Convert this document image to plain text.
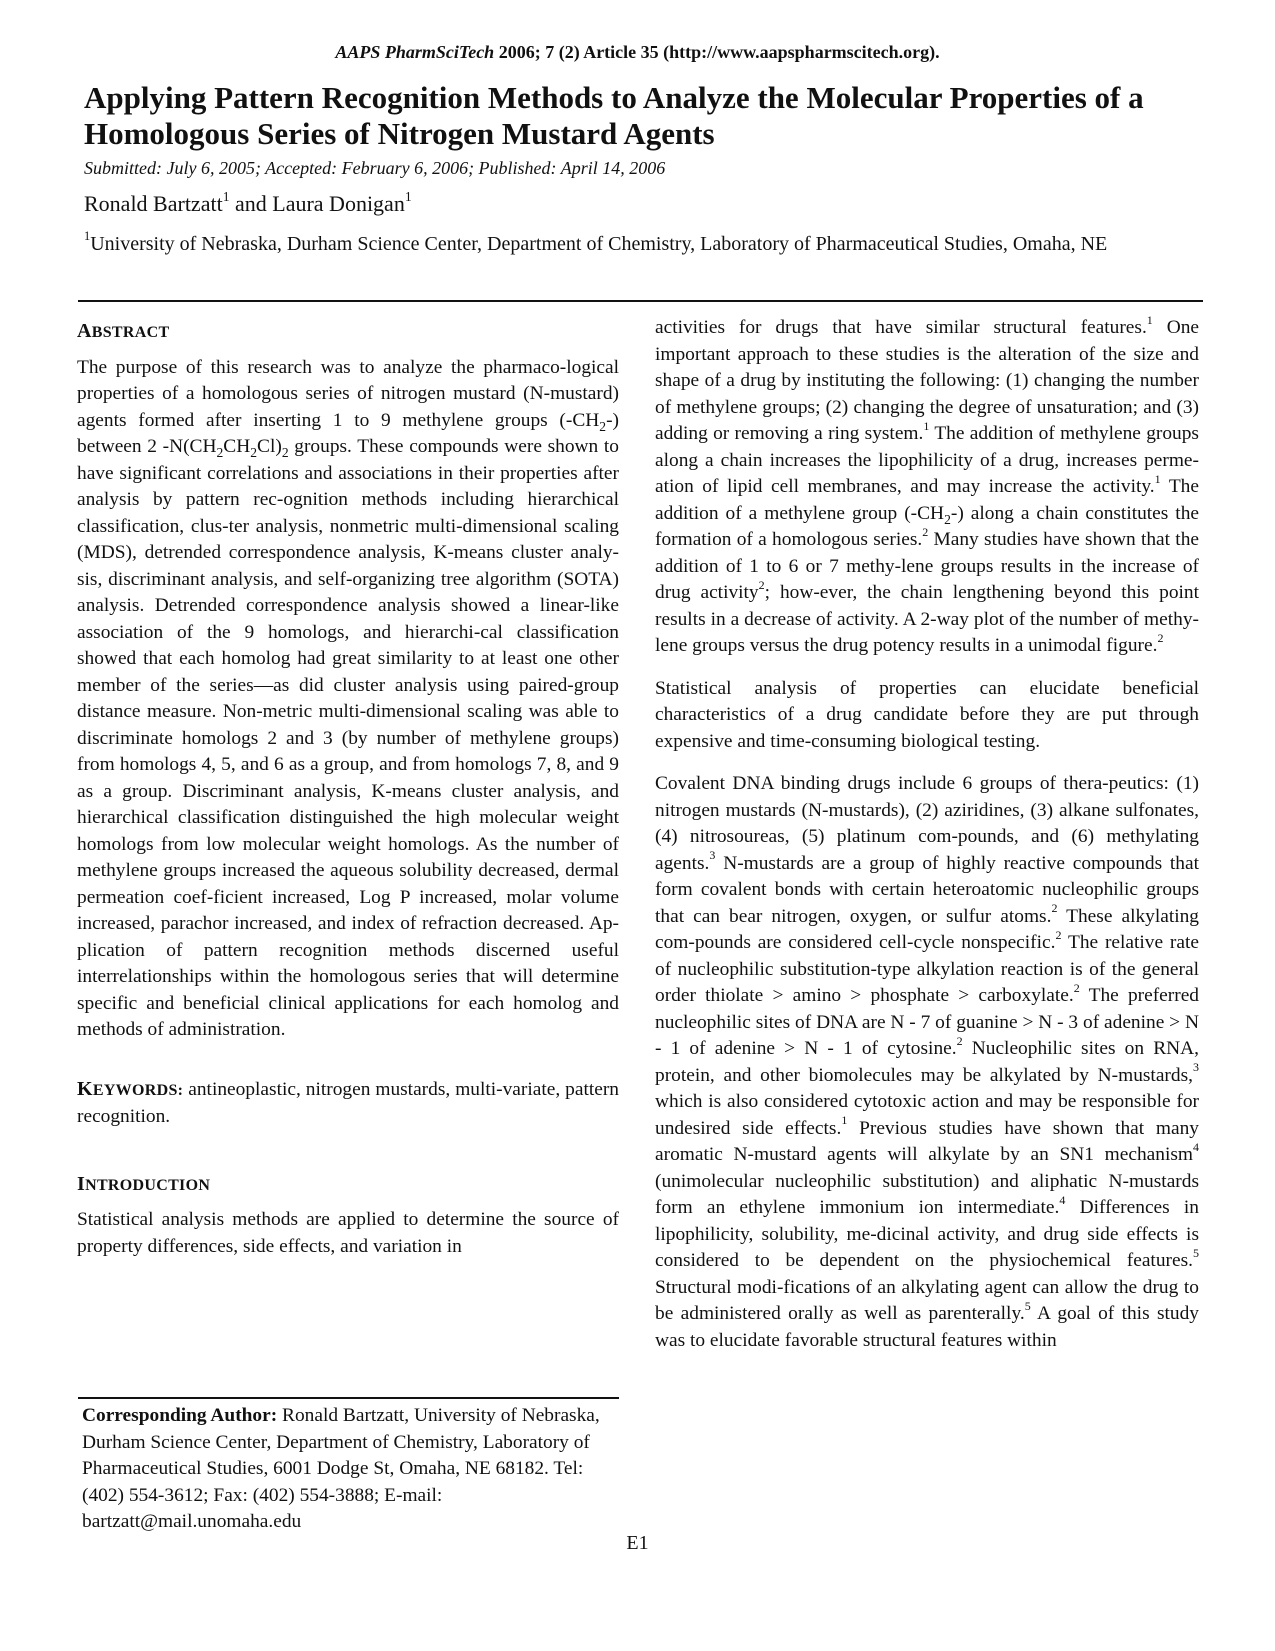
AAPS PharmSciTech 2006; 7 (2) Article 35 (http://www.aapspharmscitech.org).
Applying Pattern Recognition Methods to Analyze the Molecular Properties of a Homologous Series of Nitrogen Mustard Agents
Submitted: July 6, 2005; Accepted: February 6, 2006; Published: April 14, 2006
Ronald Bartzatt$^1$ and Laura Donigan$^1$
$^1$University of Nebraska, Durham Science Center, Department of Chemistry, Laboratory of Pharmaceutical Studies, Omaha, NE
ABSTRACT

The purpose of this research was to analyze the pharmaco-logical properties of a homologous series of nitrogen mustard (N-mustard) agents formed after inserting 1 to 9 methylene groups $(-CH_2-)$ between 2 $-N(CH_2CH_2Cl)_2$ groups. These compounds were shown to have significant correlations and associations in their properties after analysis by pattern rec-ognition methods including hierarchical classification, clus-ter analysis, nonmetric multi-dimensional scaling (MDS), detrended correspondence analysis, K-means cluster analy-sis, discriminant analysis, and self-organizing tree algorithm (SOTA) analysis. Detrended correspondence analysis showed a linear-like association of the 9 homologs, and hierarchi-cal classification showed that each homolog had great similarity to at least one other member of the series—as did cluster analysis using paired-group distance measure. Non-metric multi-dimensional scaling was able to discriminate homologs 2 and 3 (by number of methylene groups) from homologs 4, 5, and 6 as a group, and from homologs 7, 8, and 9 as a group. Discriminant analysis, K-means cluster analysis, and hierarchical classification distinguished the high molecular weight homologs from low molecular weight homologs. As the number of methylene groups increased the aqueous solubility decreased, dermal permeation coef-ficient increased, Log P increased, molar volume increased, parachor increased, and index of refraction decreased. Ap-plication of pattern recognition methods discerned useful interrelationships within the homologous series that will determine specific and beneficial clinical applications for each homolog and methods of administration.

KEYWORDS: antineoplastic, nitrogen mustards, multi-variate, pattern recognition.

INTRODUCTION

Statistical analysis methods are applied to determine the source of property differences, side effects, and variation in

Corresponding Author: Ronald Bartzatt, University of Nebraska, Durham Science Center, Department of Chemistry, Laboratory of Pharmaceutical Studies, 6001 Dodge St, Omaha, NE 68182. Tel: (402) 554-3612; Fax: (402) 554-3888; E-mail: bartzatt@mail.unomaha.edu

activities for drugs that have similar structural features.$^1$ One important approach to these studies is the alteration of the size and shape of a drug by instituting the following: (1) changing the number of methylene groups; (2) changing the degree of unsaturation; and (3) adding or removing a ring system.$^1$ The addition of methylene groups along a chain increases the lipophilicity of a drug, increases perme-ation of lipid cell membranes, and may increase the activity.$^1$ The addition of a methylene group $(-CH_2-)$ along a chain constitutes the formation of a homologous series.$^2$ Many studies have shown that the addition of 1 to 6 or 7 methy-lene groups results in the increase of drug activity$^2$; how-ever, the chain lengthening beyond this point results in a decrease of activity. A 2-way plot of the number of methy-lene groups versus the drug potency results in a unimodal figure.$^2$

Statistical analysis of properties can elucidate beneficial characteristics of a drug candidate before they are put through expensive and time-consuming biological testing.

Covalent DNA binding drugs include 6 groups of thera-peutics: (1) nitrogen mustards (N-mustards), (2) aziridines, (3) alkane sulfonates, (4) nitrosoureas, (5) platinum com-pounds, and (6) methylating agents.$^3$ N-mustards are a group of highly reactive compounds that form covalent bonds with certain heteroatomic nucleophilic groups that can bear nitrogen, oxygen, or sulfur atoms.$^2$ These alkylating com-pounds are considered cell-cycle nonspecific.$^2$ The relative rate of nucleophilic substitution-type alkylation reaction is of the general order thiolate > amino > phosphate > carboxylate.$^2$ The preferred nucleophilic sites of DNA are N - 7 of guanine > N - 3 of adenine > N - 1 of adenine > N - 1 of cytosine.$^2$ Nucleophilic sites on RNA, protein, and other biomolecules may be alkylated by N-mustards,$^3$ which is also considered cytotoxic action and may be responsible for undesired side effects.$^1$ Previous studies have shown that many aromatic N-mustard agents will alkylate by an SN1 mechanism$^4$ (unimolecular nucleophilic substitution) and aliphatic N-mustards form an ethylene immonium ion intermediate.$^4$ Differences in lipophilicity, solubility, me-dicinal activity, and drug side effects is considered to be dependent on the physiochemical features.$^5$ Structural modi-fications of an alkylating agent can allow the drug to be administered orally as well as parenterally.$^5$ A goal of this study was to elucidate favorable structural features within

E1
